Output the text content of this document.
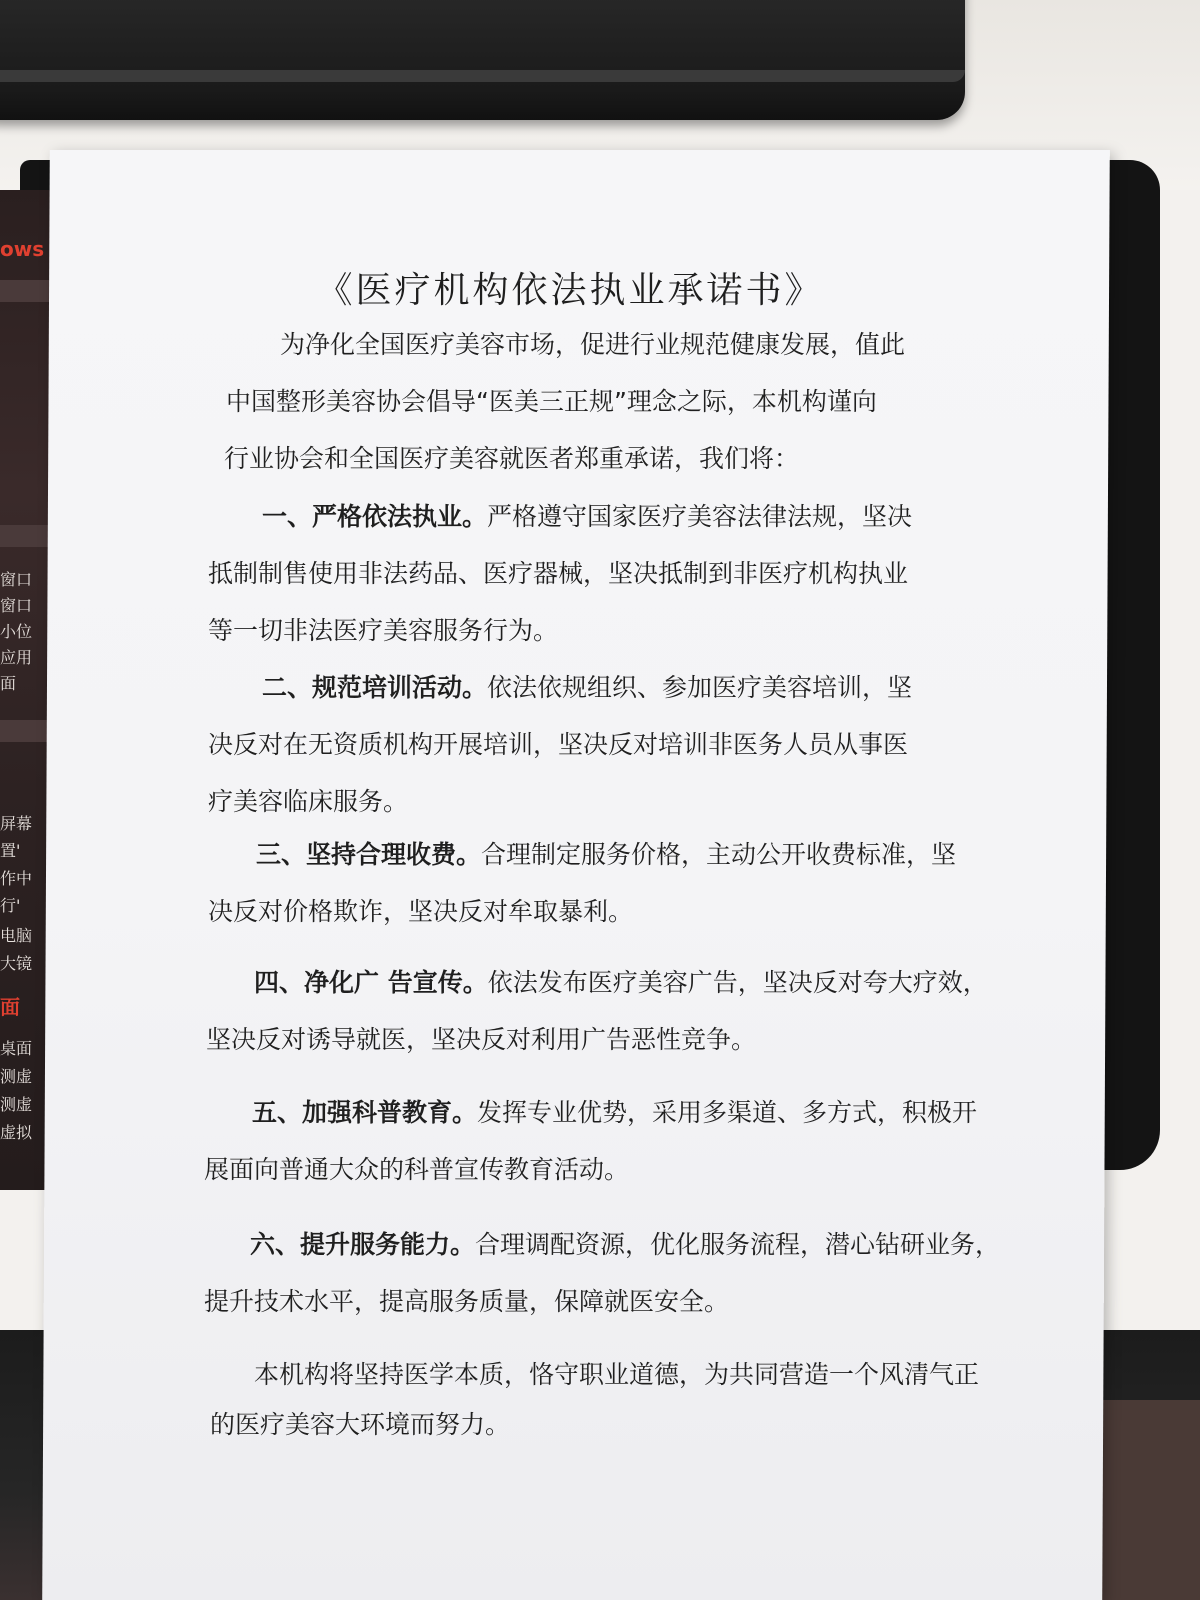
ows
窗口
窗口
小位
应用
面
屏幕
置'
作中
行'
电脑
大镜
面
桌面
测虚
测虚
虚拟
《医疗机构依法执业承诺书》
为净化全国医疗美容市场，促进行业规范健康发展，值此
中国整形美容协会倡导“医美三正规”理念之际，本机构谨向
行业协会和全国医疗美容就医者郑重承诺，我们将：
一、严格依法执业。严格遵守国家医疗美容法律法规，坚决
抵制制售使用非法药品、医疗器械，坚决抵制到非医疗机构执业
等一切非法医疗美容服务行为。
二、规范培训活动。依法依规组织、参加医疗美容培训，坚
决反对在无资质机构开展培训，坚决反对培训非医务人员从事医
疗美容临床服务。
三、坚持合理收费。合理制定服务价格，主动公开收费标准，坚
决反对价格欺诈，坚决反对牟取暴利。
四、净化广 告宣传。依法发布医疗美容广告，坚决反对夸大疗效，
坚决反对诱导就医，坚决反对利用广告恶性竞争。
五、加强科普教育。发挥专业优势，采用多渠道、多方式，积极开
展面向普通大众的科普宣传教育活动。
六、提升服务能力。合理调配资源，优化服务流程，潜心钻研业务，
提升技术水平，提高服务质量，保障就医安全。
本机构将坚持医学本质，恪守职业道德，为共同营造一个风清气正
的医疗美容大环境而努力。
